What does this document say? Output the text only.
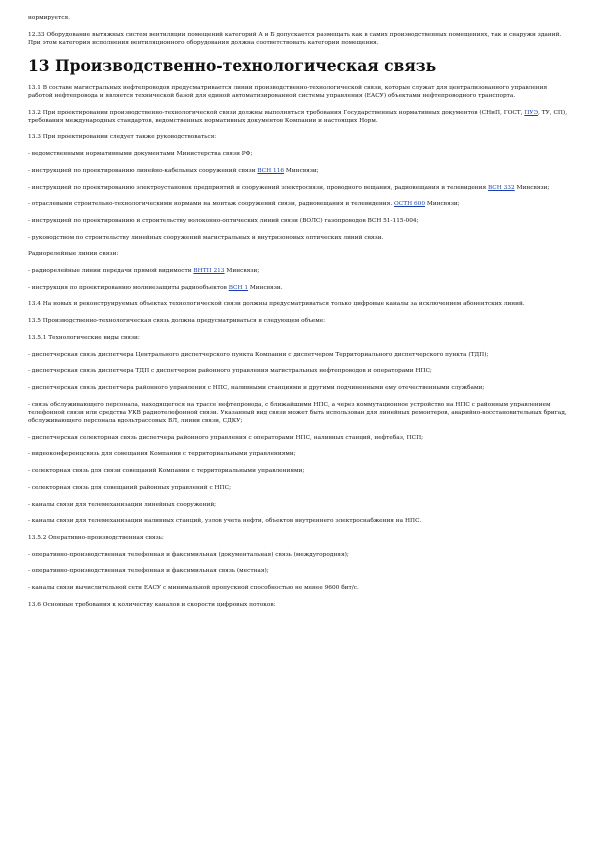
нормируется.

12.33 Оборудование вытяжных систем вентиляции помещений категорий А и Б допускается размещать как в самих производственных помещениях, так и снаружи зданий. При этом категория исполнения вентиляционного оборудования должна соответствовать категории помещения.

13 Производственно-технологическая связь

13.1 В составе магистральных нефтепроводов предусматривается линии производственно-технологической связи, которые служат для централизованного управления работой нефтепровода и является технической базой для единой автоматизированной системы управления (ЕАСУ) объектами нефтепроводного транспорта.

13.2 При проектировании производственно-технологической связи должны выполняться требования Государственных нормативных документов (СНиП, ГОСТ, ПУЭ, ТУ, СП), требования международных стандартов, ведомственных нормативных документов Компании и настоящих Норм.

13.3 При проектировании следует также руководствоваться:

- ведомственными нормативными документами Министерства связи РФ;

- инструкцией по проектированию линейно-кабельных сооружений связи ВСН 116 Минсвязи;

- инструкцией по проектированию электроустановок предприятий и сооружений электросвязи, проводного вещания, радиовещания и телевидения ВСН 332 Минсвязи;

- отраслевыми строительно-технологическими нормами на монтаж сооружений связи, радиовещания и телевидения. ОСТН 600 Минсвязи;

- инструкцией по проектированию и строительству волоконно-оптических линий связи (ВОЛС) газопроводов ВСН 51-115-004;

- руководством по строительству линейных сооружений магистральных и внутризоновых оптических линий связи.

Радиорелейные линии связи:

- радиорелейные линии передачи прямой видимости ВНТП 213 Минсвязи;

- инструкция по проектированию молниезащиты радиообъектов ВСН 1 Минсвязи.

13.4 На новых и реконструируемых объектах технологической связи должны предусматриваться только цифровые каналы за исключением абонентских линий.

13.5 Производственно-технологическая связь должна предусматриваться в следующем объеме:

13.5.1 Технологические виды связи:

- диспетчерская связь диспетчера Центрального диспетчерского пункта Компании с диспетчером Территориального диспетчерского пункта (ТДП);

- диспетчерская связь диспетчера ТДП с диспетчером районного управления магистральных нефтепроводов и операторами НПС;

- диспетчерская связь диспетчера районного управления с НПС, наливными станциями и другими подчиненными ему отечественными службами;

- связь обслуживающего персонала, находящегося на трассе нефтепровода, с ближайшими НПС, а через коммутационное устройство на НПС с районным управлением телефонной связи или средства УКВ радиотелефонной связи. Указанный вид связи может быть использован для линейных ремонтеров, аварийно-восстановительных бригад, обслуживающего персонала вдольтрассовых ВЛ, линии связи, СДКУ;

- диспетчерская селекторная связь диспетчера районного управления с операторами НПС, наливных станций, нефтебаз, ПСП;

- видеоконференцсвязь для совещания Компании с территориальными управлениями;

- селекторная связь для связи совещаний Компании с территориальными управлениями;

- селекторная связь для совещаний районных управлений с НПС;

- каналы связи для телемеханизации линейных сооружений;

- каналы связи для телемеханизации наливных станций, узлов учета нефти, объектов внутреннего электроснабжения на НПС.

13.5.2 Оперативно-производственная связь:

- оперативно-производственная телефонная и факсимильная (документальная) связь (междугородняя);

- оперативно-производственная телефонная и факсимильная связь (местная);

- каналы связи вычислительной сети ЕАСУ с минимальной пропускной способностью не менее 9600 бит/с.

13.6 Основные требования к количеству каналов и скорости цифровых потоков:
